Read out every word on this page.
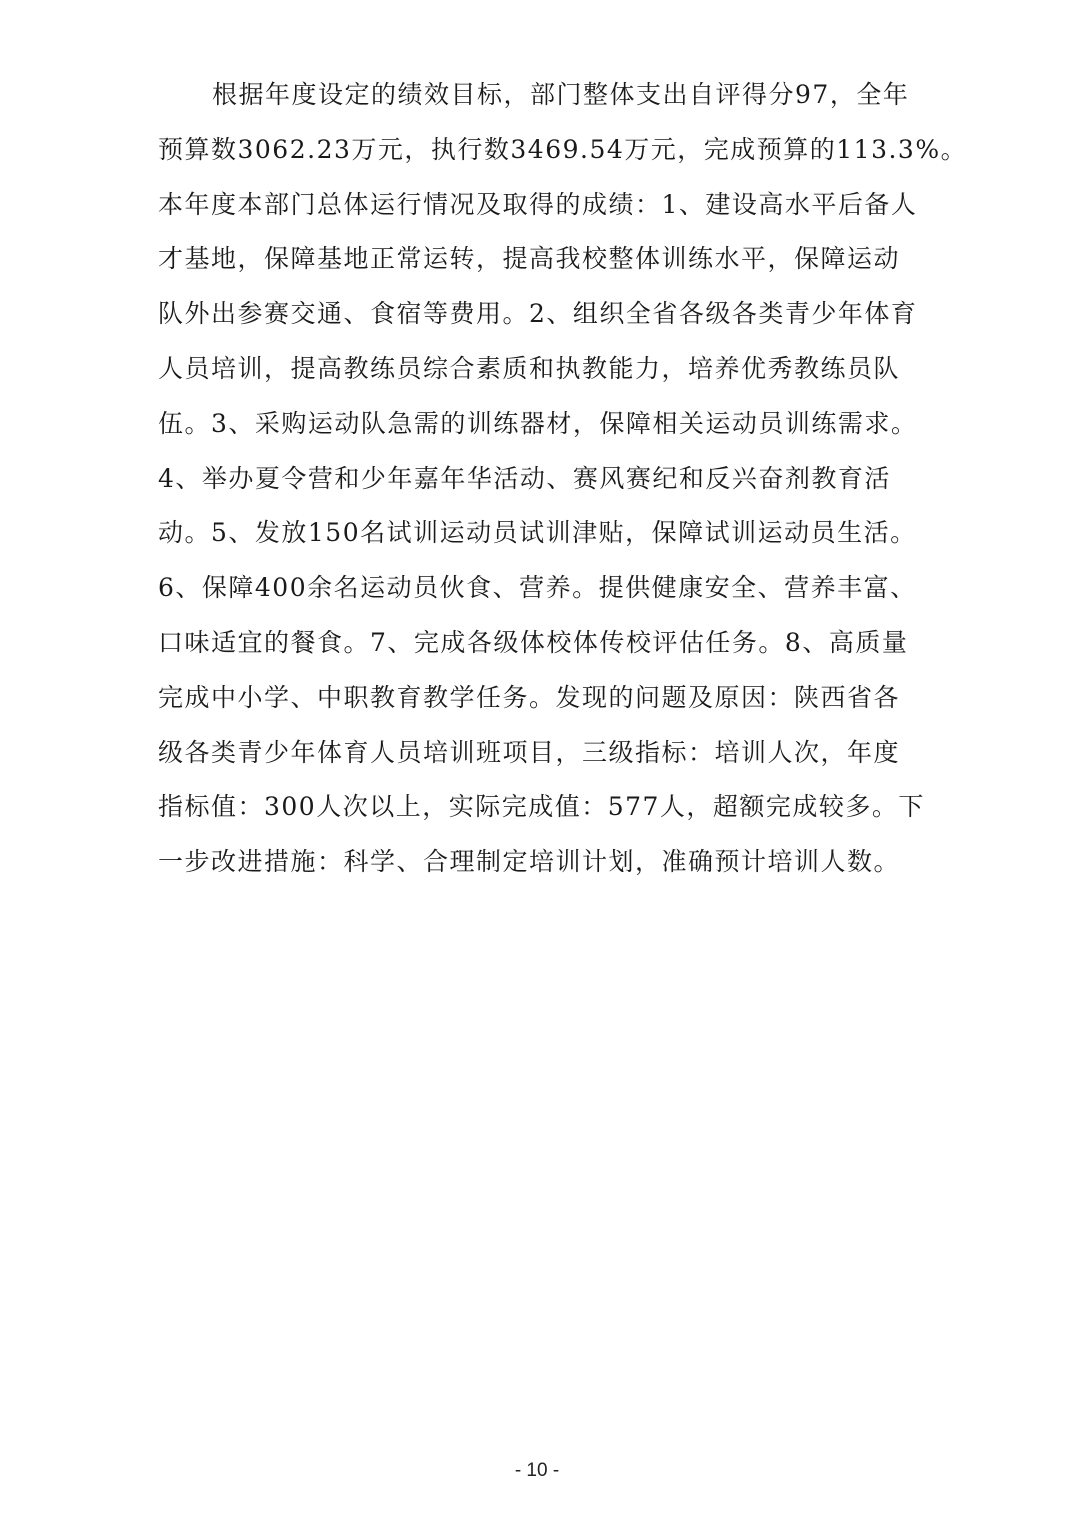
根据年度设定的绩效目标，部门整体支出自评得分97，全年
预算数3062.23万元，执行数3469.54万元，完成预算的113.3%。
本年度本部门总体运行情况及取得的成绩：1、建设高水平后备人
才基地，保障基地正常运转，提高我校整体训练水平，保障运动
队外出参赛交通、食宿等费用。2、组织全省各级各类青少年体育
人员培训，提高教练员综合素质和执教能力，培养优秀教练员队
伍。3、采购运动队急需的训练器材，保障相关运动员训练需求。
4、举办夏令营和少年嘉年华活动、赛风赛纪和反兴奋剂教育活
动。5、发放150名试训运动员试训津贴，保障试训运动员生活。
6、保障400余名运动员伙食、营养。提供健康安全、营养丰富、
口味适宜的餐食。7、完成各级体校体传校评估任务。8、高质量
完成中小学、中职教育教学任务。发现的问题及原因：陕西省各
级各类青少年体育人员培训班项目，三级指标：培训人次，年度
指标值：300人次以上，实际完成值：577人，超额完成较多。下
一步改进措施：科学、合理制定培训计划，准确预计培训人数。
- 10 -
